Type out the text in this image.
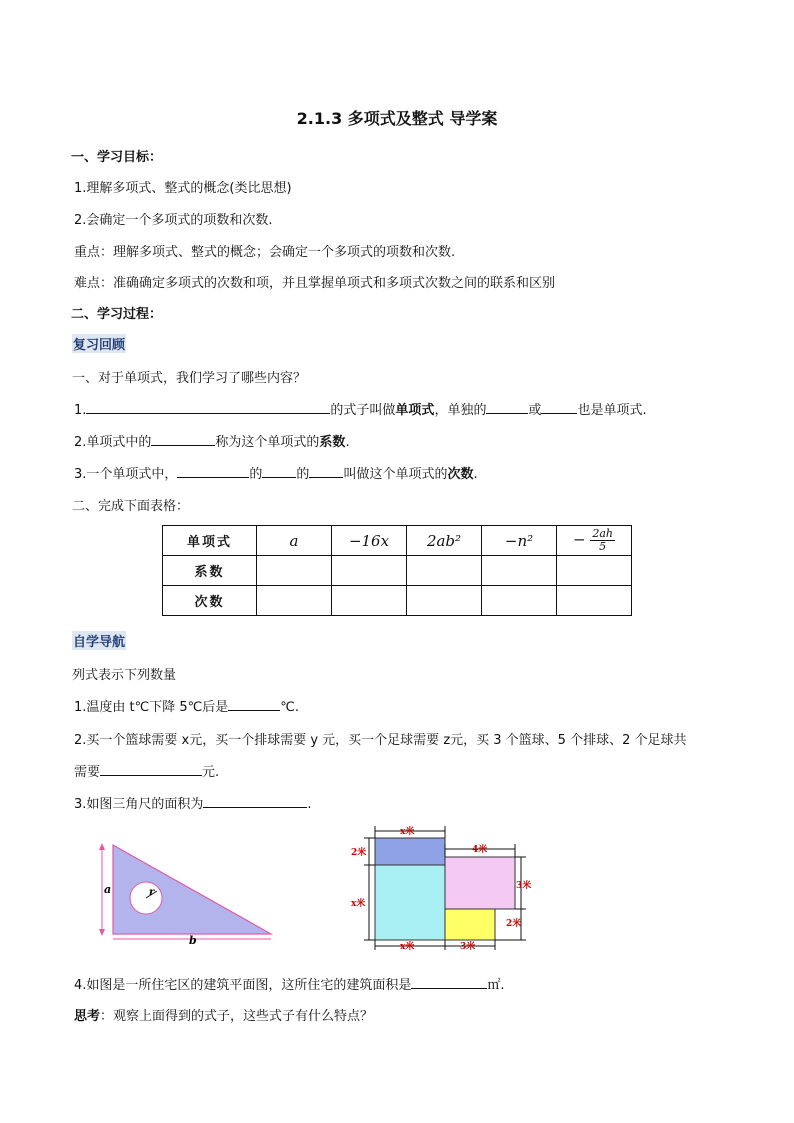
2.1.3 多项式及整式 导学案
一、学习目标：
1.理解多项式、整式的概念(类比思想)
2.会确定一个多项式的项数和次数.
重点：理解多项式、整式的概念；会确定一个多项式的项数和次数.
难点：准确确定多项式的次数和项，并且掌握单项式和多项式次数之间的联系和区别
二、学习过程：
复习回顾
一、对于单项式，我们学习了哪些内容？
1.	的式子叫做单项式，单独的	或	也是单项式.
2.单项式中的	称为这个单项式的系数.
3.一个单项式中，	的	的	叫做这个单项式的次数.
二、完成下面表格：
单项式	a	−16x	2ab²	−n²	− $\frac{2ah}{5}$

系数					
次数					
自学导航
列式表示下列数量
1.温度由 t℃下降 5℃后是	℃.
2.买一个篮球需要 x元，买一个排球需要 y 元，买一个足球需要 z元，买 3 个篮球、5 个排球、2 个足球共
需要	元.
3.如图三角尺的面积为	.
r
a
b
x米
2米
x米
4米
3米
2米
x米	3米
4.如图是一所住宅区的建筑平面图，这所住宅的建筑面积是	㎡.
思考：观察上面得到的式子，这些式子有什么特点？
